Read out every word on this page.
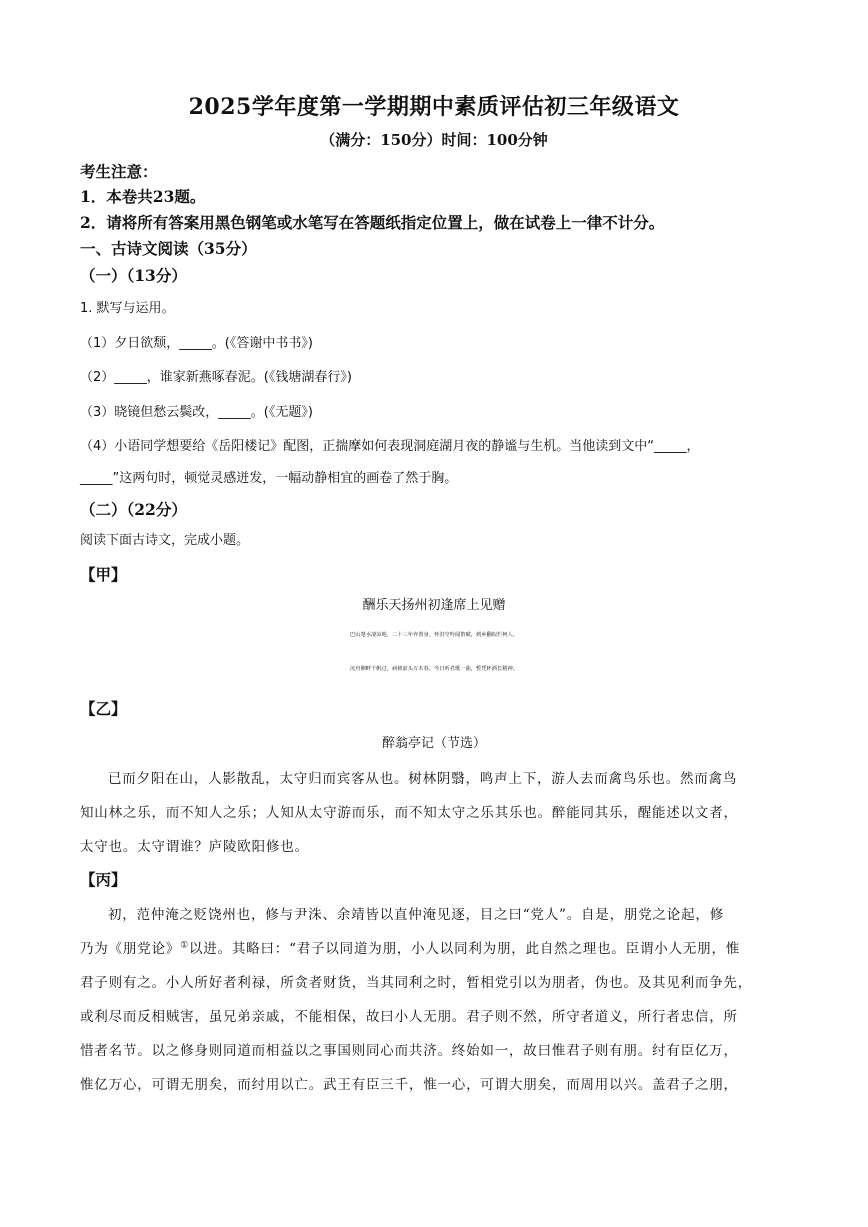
2025学年度第一学期期中素质评估初三年级语文
（满分：150分）时间：100分钟
考生注意：
1．本卷共23题。
2．请将所有答案用黑色钢笔或水笔写在答题纸指定位置上，做在试卷上一律不计分。
一、古诗文阅读（35分）
（一）（13分）
1. 默写与运用。
（1）夕日欲颓，_____。(《答谢中书书》)
（2）_____，谁家新燕啄春泥。(《钱塘湖春行》)
（3）晓镜但愁云鬓改，_____。(《无题》)
（4）小语同学想要给《岳阳楼记》配图，正揣摩如何表现洞庭湖月夜的静谧与生机。当他读到文中“_____，
_____”这两句时，顿觉灵感迸发，一幅动静相宜的画卷了然于胸。
（二）（22分）
阅读下面古诗文，完成小题。
【甲】
酬乐天扬州初逢席上见赠
巴山楚水凄凉地，二十三年弃置身。怀旧空吟闻笛赋，到乡翻似烂柯人。
沉舟侧畔千帆过，病树前头万木春。今日听君歌一曲，暂凭杯酒长精神。
【乙】
醉翁亭记（节选）
已而夕阳在山，人影散乱，太守归而宾客从也。树林阴翳，鸣声上下，游人去而禽鸟乐也。然而禽鸟
知山林之乐，而不知人之乐；人知从太守游而乐，而不知太守之乐其乐也。醉能同其乐，醒能述以文者，
太守也。太守谓谁？庐陵欧阳修也。
【丙】
初，范仲淹之贬饶州也，修与尹洙、余靖皆以直仲淹见逐，目之曰“党人”。自是，朋党之论起，修
乃为《朋党论》①以进。其略曰：“君子以同道为朋，小人以同利为朋，此自然之理也。臣谓小人无朋，惟
君子则有之。小人所好者利禄，所贪者财货，当其同利之时，暂相党引以为朋者，伪也。及其见利而争先，
或利尽而反相贼害，虽兄弟亲戚，不能相保，故曰小人无朋。君子则不然，所守者道义，所行者忠信，所
惜者名节。以之修身则同道而相益以之事国则同心而共济。终始如一，故曰惟君子则有朋。纣有臣亿万，
惟亿万心，可谓无朋矣，而纣用以亡。武王有臣三千，惟一心，可谓大朋矣，而周用以兴。盖君子之朋，
